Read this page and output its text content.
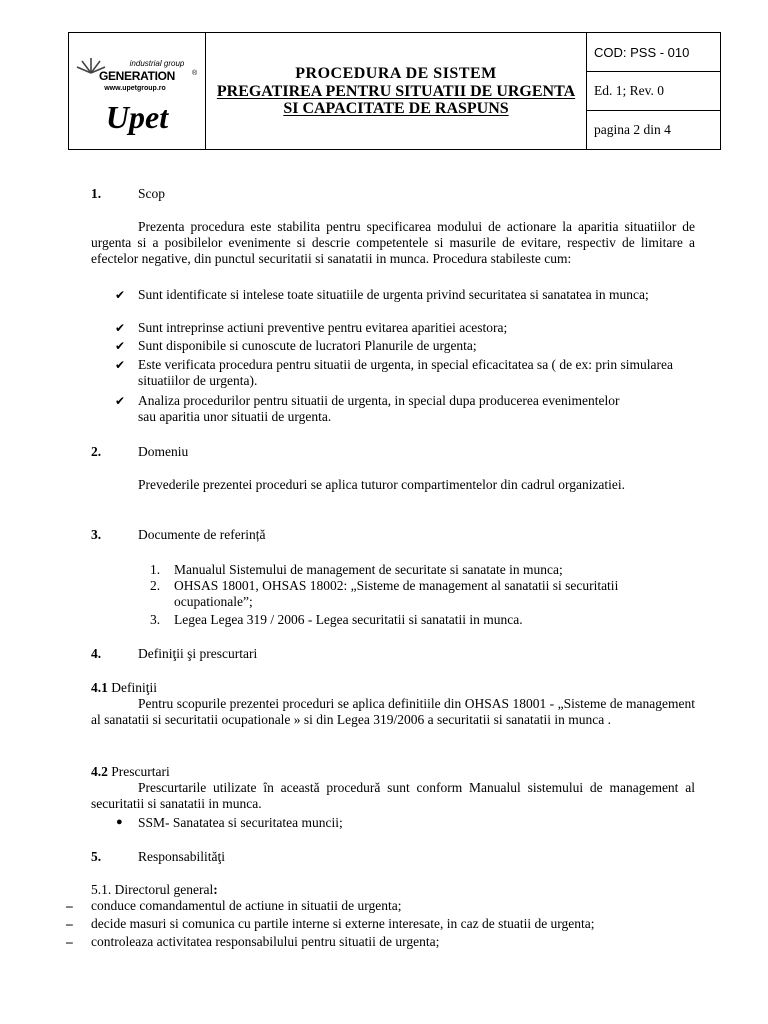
industrial group
GENERATION ®
www.upetgroup.ro
Upet
PROCEDURA DE SISTEM
PREGATIREA PENTRU SITUATII DE URGENTA
SI CAPACITATE DE RASPUNS
COD: PSS - 010
Ed. 1; Rev. 0
pagina 2 din 4
1.	Scop
Prezenta procedura este stabilita pentru specificarea modului de actionare la aparitia situatiilor de urgenta si a posibilelor evenimente si descrie competentele si masurile de evitare, respectiv de limitare a efectelor negative, din punctul securitatii si sanatatii in munca. Procedura stabileste cum:
✔ Sunt identificate si intelese toate situatiile de urgenta privind securitatea si sanatatea in munca;
✔ Sunt intreprinse actiuni preventive pentru evitarea aparitiei acestora;
✔ Sunt disponibile si cunoscute de lucratori Planurile de urgenta;
✔ Este verificata procedura pentru situatii de urgenta, in special eficacitatea sa ( de ex: prin simularea situatiilor de urgenta).
✔ Analiza procedurilor pentru situatii de urgenta, in special dupa producerea evenimentelor sau aparitia unor situatii de urgenta.
2.	Domeniu
Prevederile prezentei proceduri se aplica tuturor compartimentelor din cadrul organizatiei.
3.	Documente de referință
1. Manualul Sistemului de management de securitate si sanatate in munca;
2. OHSAS 18001, OHSAS 18002: „Sisteme de management al sanatatii si securitatii ocupationale”;
3. Legea Legea 319 / 2006 - Legea securitatii si sanatatii in munca.
4.	Definiţii şi prescurtari
4.1 Definiţii
Pentru scopurile prezentei proceduri se aplica definitiile din OHSAS 18001 - „Sisteme de management al sanatatii si securitatii ocupationale » si din Legea 319/2006 a securitatii si sanatatii in munca .
4.2 Prescurtari
Prescurtarile utilizate în această procedură sunt conform Manualul sistemului de management al securitatii si sanatatii in munca.
● SSM- Sanatatea si securitatea muncii;
5.	Responsabilităţi
5.1. Directorul general:
– conduce comandamentul de actiune in situatii de urgenta;
– decide masuri si comunica cu partile interne si externe interesate, in caz de stuatii de urgenta;
– controleaza activitatea responsabilului pentru situatii de urgenta;
